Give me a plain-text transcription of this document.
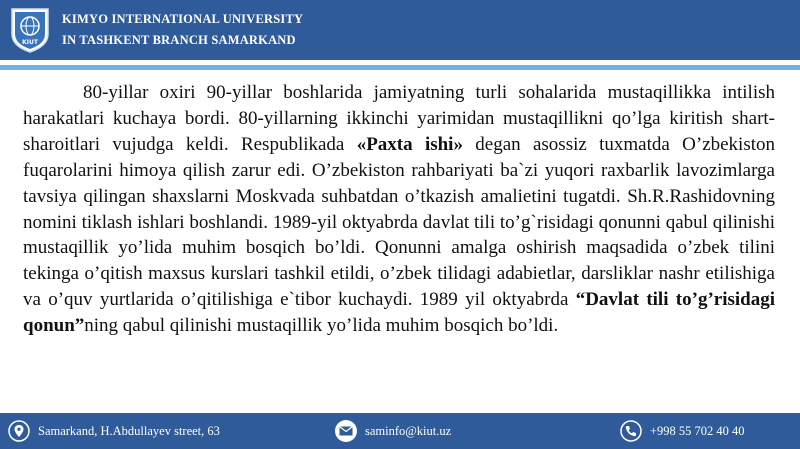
KIUT
KIMYO INTERNATIONAL UNIVERSITY
IN TASHKENT BRANCH SAMARKAND

80-yillar oxiri 90-yillar boshlarida jamiyatning turli sohalarida mustaqillikka intilish harakatlari kuchaya bordi. 80-yillarning ikkinchi yarimidan mustaqillikni qo’lga kiritish shart-sharoitlari vujudga keldi. Respublikada «Paxta ishi» degan asossiz tuxmatda O’zbekiston fuqarolarini himoya qilish zarur edi. O’zbekiston rahbariyati ba`zi yuqori raxbarlik lavozimlarga tavsiya qilingan shaxslarni Moskvada suhbatdan o’tkazish amalietini tugatdi. Sh.R.Rashidovning nomini tiklash ishlari boshlandi. 1989-yil oktyabrda davlat tili to’g`risidagi qonunni qabul qilinishi mustaqillik yo’lida muhim bosqich bo’ldi. Qonunni amalga oshirish maqsadida o’zbek tilini tekinga o’qitish maxsus kurslari tashkil etildi, o’zbek tilidagi adabietlar, darsliklar nashr etilishiga va o’quv yurtlarida o’qitilishiga e`tibor kuchaydi. 1989 yil oktyabrda “Davlat tili to’g’risidagi qonun”ning qabul qilinishi mustaqillik yo’lida muhim bosqich bo’ldi.

Samarkand, H.Abdullayev street, 63	saminfo@kiut.uz	+998 55 702 40 40
